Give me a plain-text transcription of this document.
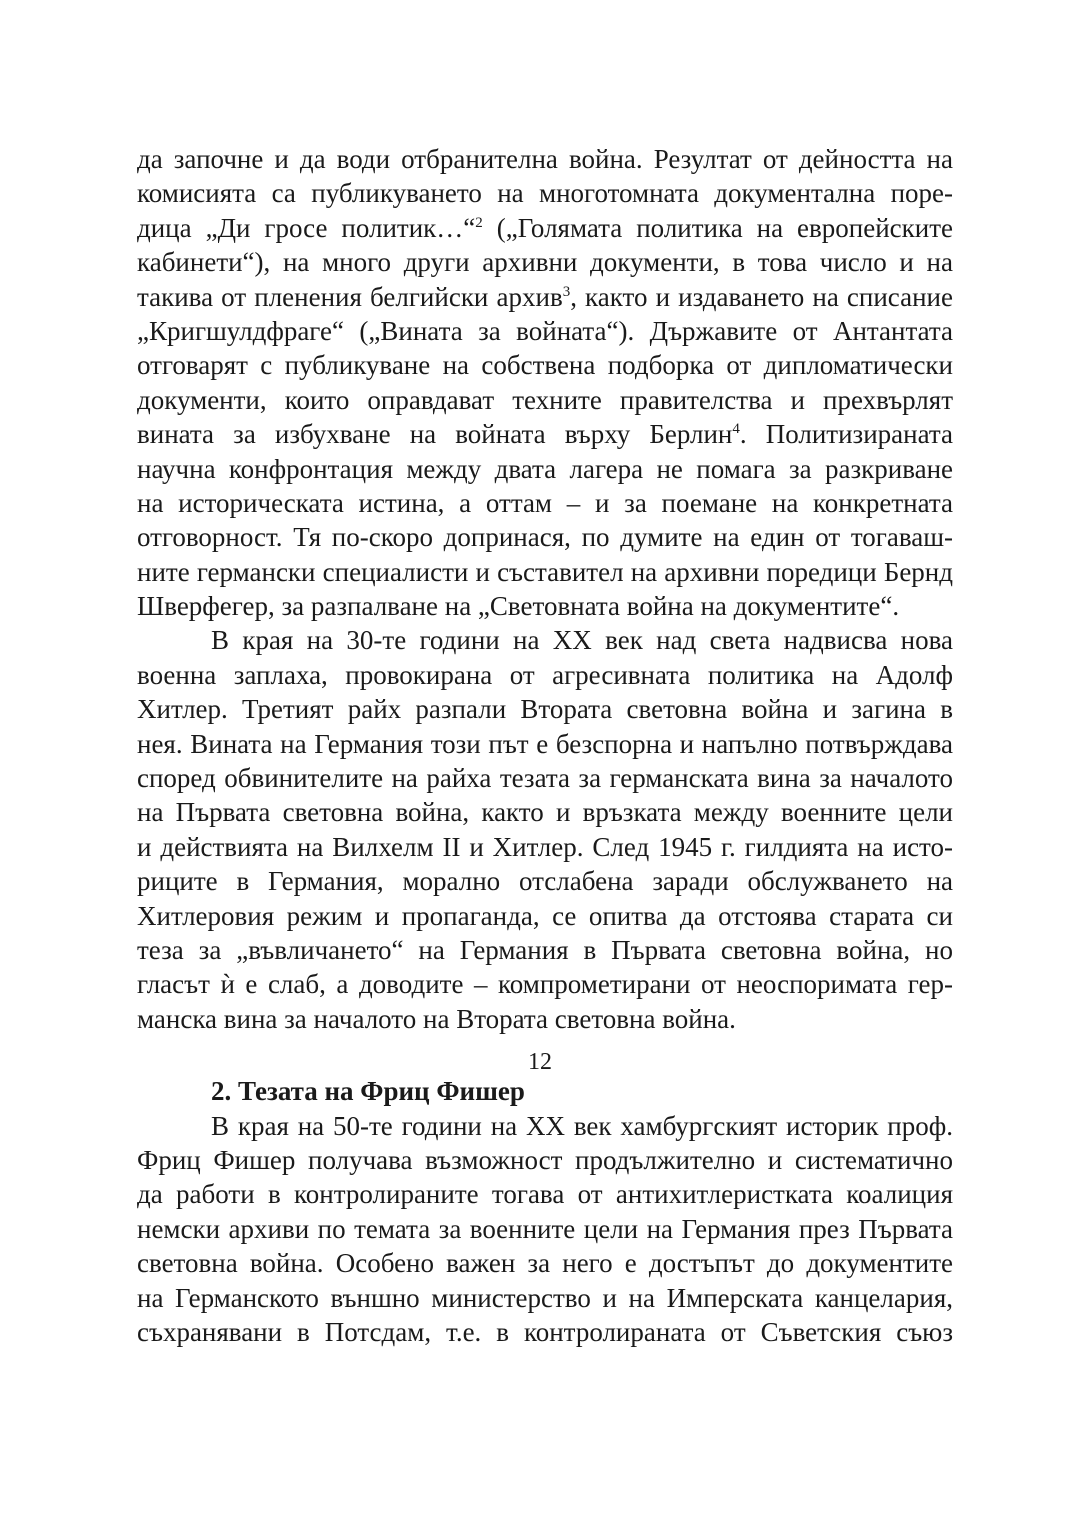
да започне и да води отбранителна война. Резултат от дейността на
комисията са публикуването на многотомната документална поре-
дица „Ди гросе политик…“$^2$ („Голямата политика на европейските
кабинети“), на много други архивни документи, в това число и на
такива от пленения белгийски архив$^3$, както и издаването на списание
„Кригшулдфраге“ („Вината за войната“). Държавите от Антантата
отговарят с публикуване на собствена подборка от дипломатически
документи, които оправдават техните правителства и прехвърлят
вината за избухване на войната върху Берлин$^4$. Политизираната
научна конфронтация между двата лагера не помага за разкриване
на историческата истина, а оттам – и за поемане на конкретната
отговорност. Тя по-скоро допринася, по думите на един от тогаваш-
ните германски специалисти и съставител на архивни поредици Бернд
Шверфегер, за разпалване на „Световната война на документите“.
В края на 30-те години на XX век над света надвисва нова
военна заплаха, провокирана от агресивната политика на Адолф
Хитлер. Третият райх разпали Втората световна война и загина в
нея. Вината на Германия този път е безспорна и напълно потвърждава
според обвинителите на райха тезата за германската вина за началото
на Първата световна война, както и връзката между военните цели
и действията на Вилхелм II и Хитлер. След 1945 г. гилдията на исто-
риците в Германия, морално отслабена заради обслужването на
Хитлеровия режим и пропаганда, се опитва да отстоява старата си
теза за „въвличането“ на Германия в Първата световна война, но
гласът ѝ е слаб, а доводите – компрометирани от неоспоримата гер-
манска вина за началото на Втората световна война.
2. Тезата на Фриц Фишер
В края на 50-те години на XX век хамбургският историк проф.
Фриц Фишер получава възможност продължително и систематично
да работи в контролираните тогава от антихитлеристката коалиция
немски архиви по темата за военните цели на Германия през Първата
световна война. Особено важен за него е достъпът до документите
на Германското външно министерство и на Имперската канцелария,
съхранявани в Потсдам, т.е. в контролираната от Съветския съюз
12
